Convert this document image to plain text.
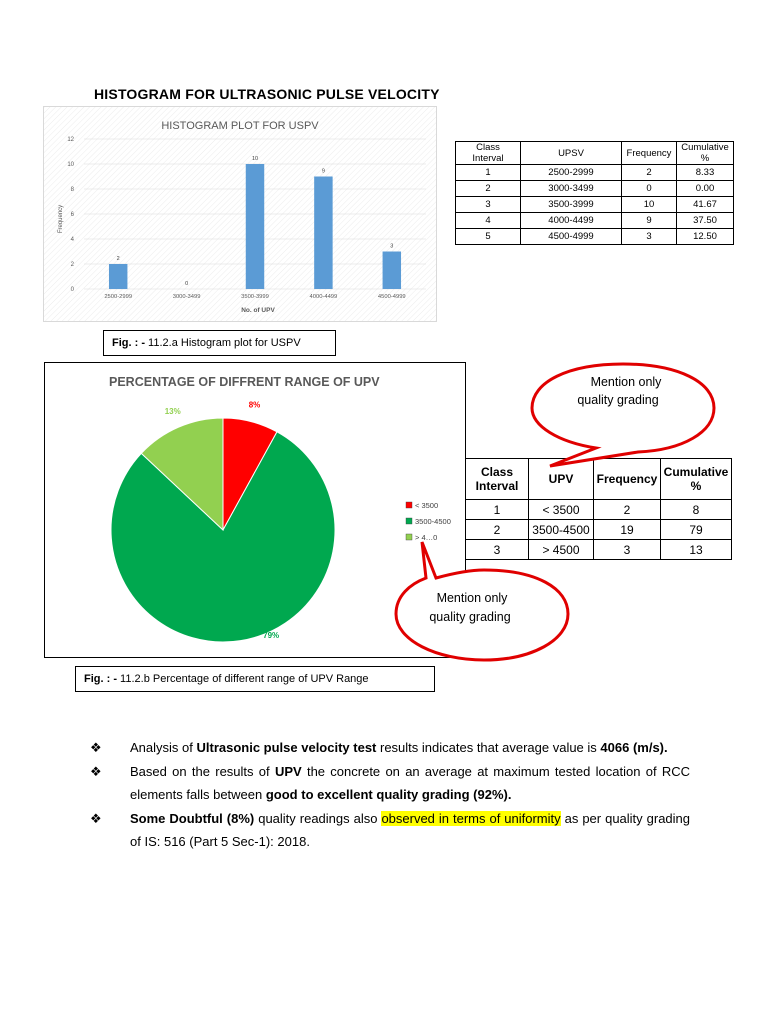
HISTOGRAM FOR ULTRASONIC PULSE VELOCITY
HISTOGRAM PLOT FOR USPV
0
2
4
6
8
10
12
2
0
10
9
3
2500-2999	3000-3499	3500-3999	4000-4499	4500-4999
No. of UPV
Frequency
Class Interval	UPSV	Frequency	Cumulative %
1	2500-2999	2	8.33
2	3000-3499	0	0.00
3	3500-3999	10	41.67
4	4000-4499	9	37.50
5	4500-4999	3	12.50
Fig. : - 11.2.a Histogram plot for USPV
PERCENTAGE OF DIFFRENT RANGE OF UPV
8%
79%
13%
< 3500
3500-4500
> 4…0
Class Interval	UPV	Frequency	Cumulative %
1	< 3500	2	8
2	3500-4500	19	79
3	> 4500	3	13
Mention only
quality grading
Mention only
quality grading
Fig. : - 11.2.b Percentage of different range of UPV Range
❖ Analysis of Ultrasonic pulse velocity test results indicates that average value is 4066 (m/s).
❖ Based on the results of UPV the concrete on an average at maximum tested location of RCC elements falls between good to excellent quality grading (92%).
❖ Some Doubtful (8%) quality readings also observed in terms of uniformity as per quality grading of IS: 516 (Part 5 Sec-1): 2018.
